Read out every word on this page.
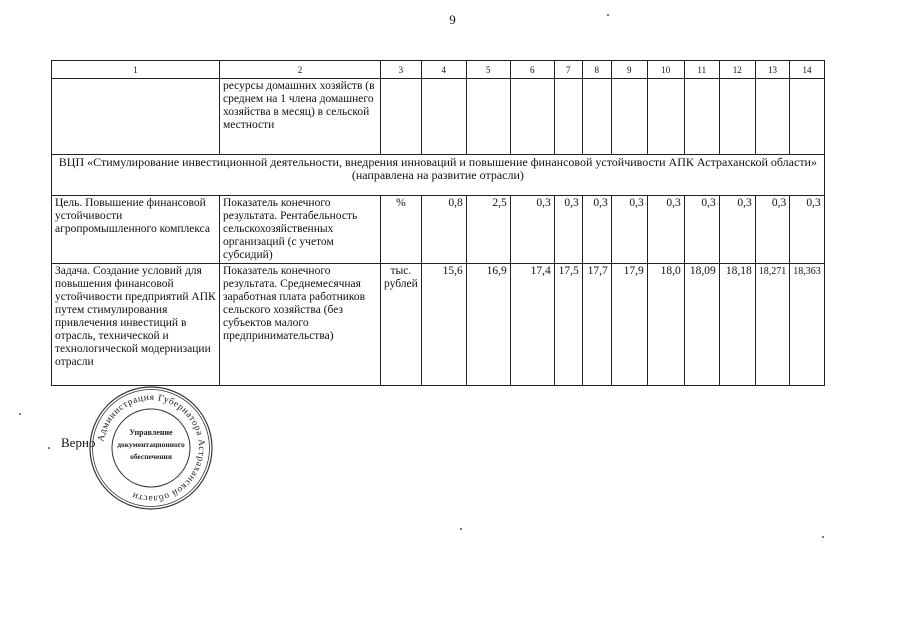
9
1	2	3	4	5	6	7	8	9	10	11	12	13	14
	ресурсы домашних хозяйств (в среднем на 1 члена домашнего хозяйства в месяц) в сельской местности												
ВЦП «Стимулирование инвестиционной деятельности, внедрения инноваций и повышение финансовой устойчивости АПК Астраханской области» (направлена на развитие отрасли)													
Цель. Повышение финансовой устойчивости агропромышленного комплекса	Показатель конечного результата. Рентабельность сельскохозяйственных организаций (с учетом субсидий)	%	0,8	2,5	0,3	0,3	0,3	0,3	0,3	0,3	0,3	0,3	0,3
Задача. Создание условий для повышения финансовой устойчивости предприятий АПК путем стимулирования привлечения инвестиций в отрасль, технической и технологической модернизации отрасли	Показатель конечного результата. Среднемесячная заработная плата работников сельского хозяйства (без субъектов малого предпринимательства)	тыс. рублей	15,6	16,9	17,4	17,5	17,7	17,9	18,0	18,09	18,18	18,271	18,363
Верно Администрация Губернатора Астраханской области
Управление
документационного
обеспечения
